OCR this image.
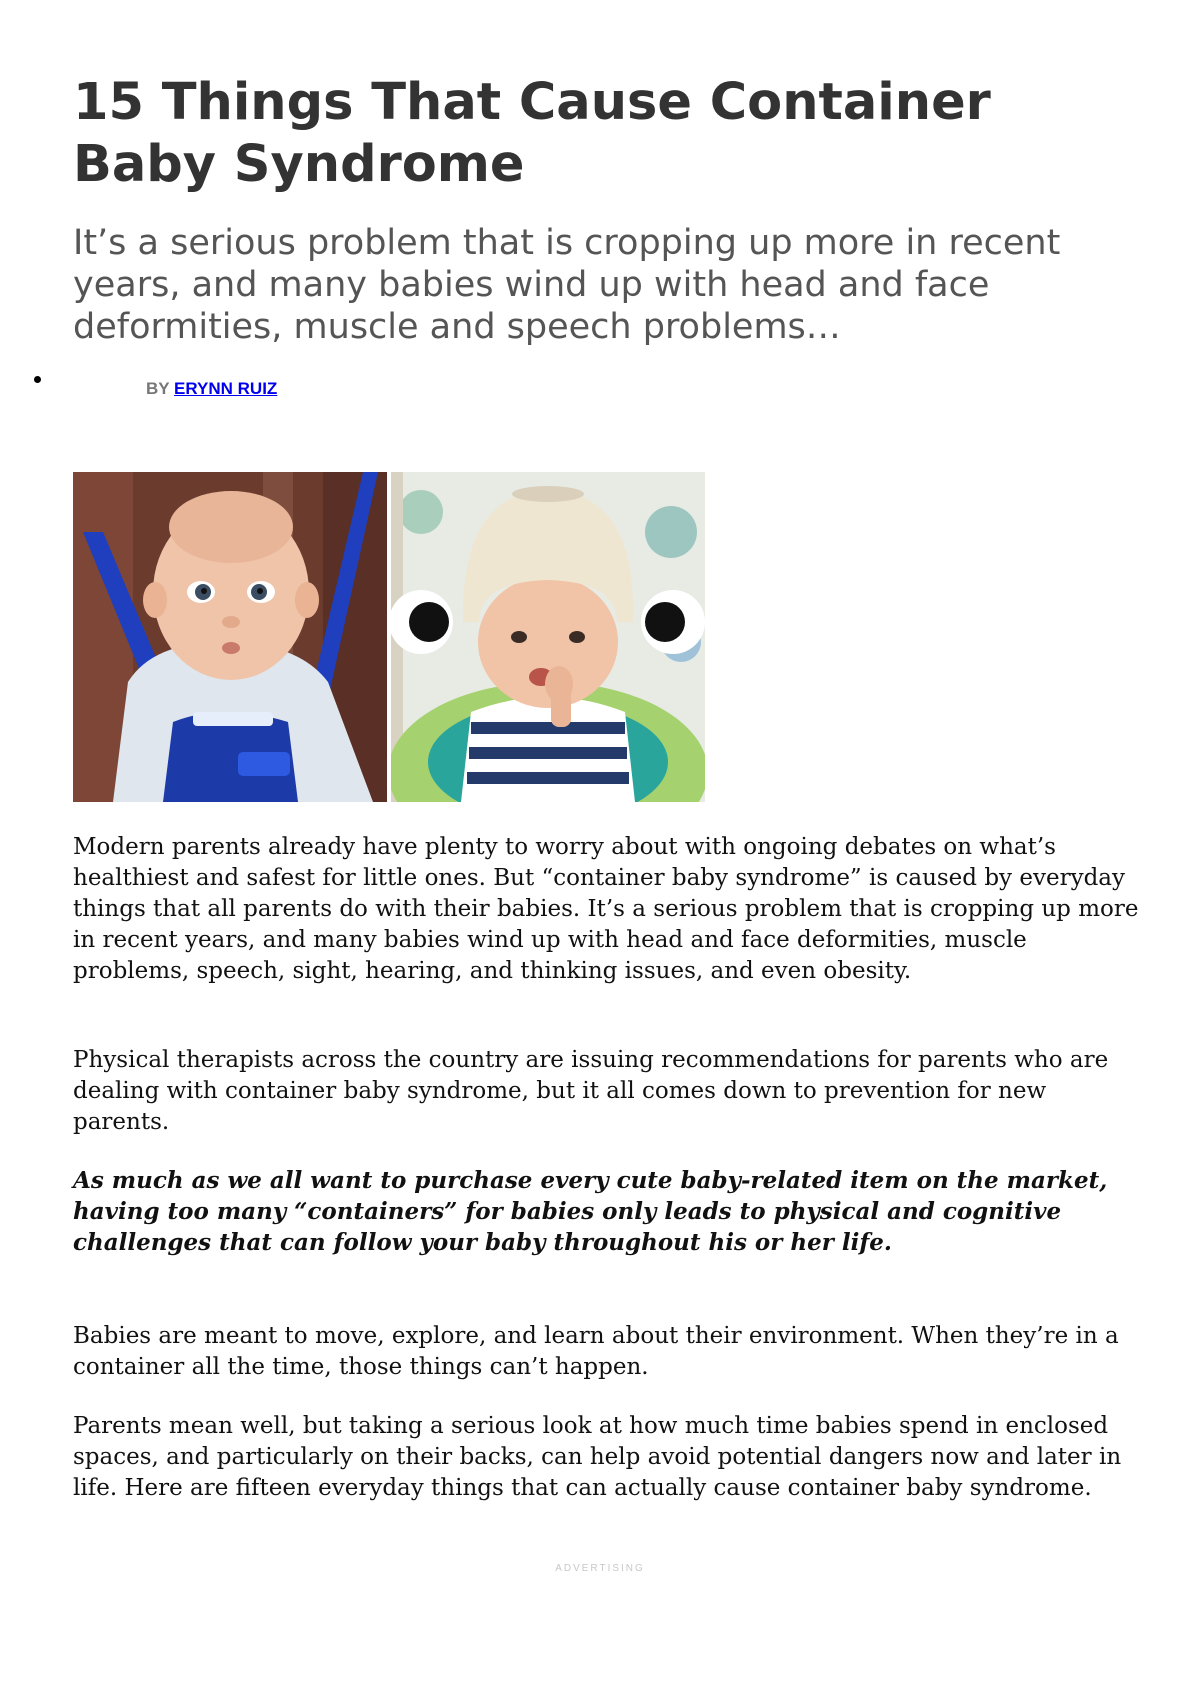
15 Things That Cause Container Baby Syndrome

It’s a serious problem that is cropping up more in recent years, and many babies wind up with head and face deformities, muscle and speech problems…

BY ERYNN RUIZ

Modern parents already have plenty to worry about with ongoing debates on what’s healthiest and safest for little ones. But “container baby syndrome” is caused by everyday things that all parents do with their babies. It’s a serious problem that is cropping up more in recent years, and many babies wind up with head and face deformities, muscle problems, speech, sight, hearing, and thinking issues, and even obesity.

Physical therapists across the country are issuing recommendations for parents who are dealing with container baby syndrome, but it all comes down to prevention for new parents.

As much as we all want to purchase every cute baby-related item on the market, having too many “containers” for babies only leads to physical and cognitive challenges that can follow your baby throughout his or her life.

Babies are meant to move, explore, and learn about their environment. When they’re in a container all the time, those things can’t happen.

Parents mean well, but taking a serious look at how much time babies spend in enclosed spaces, and particularly on their backs, can help avoid potential dangers now and later in life. Here are fifteen everyday things that can actually cause container baby syndrome.

ADVERTISING
